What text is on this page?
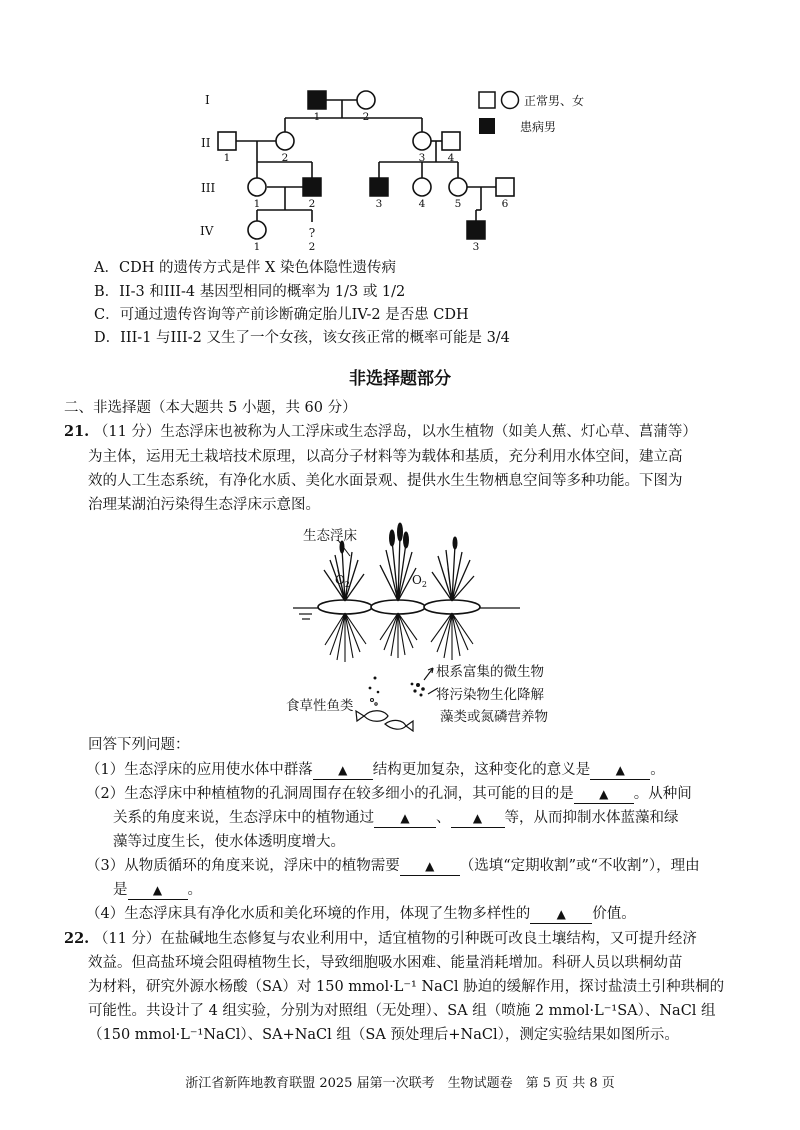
I
II
III
IV
1	2
1	2	3 4
1	2	3	4	5	6
1	2	3
?
正常男、女
患病男
A．CDH 的遗传方式是伴 X 染色体隐性遗传病
B．II-3 和III-4 基因型相同的概率为 1/3 或 1/2
C．可通过遗传咨询等产前诊断确定胎儿IV-2 是否患 CDH
D．III-1 与III-2 又生了一个女孩，该女孩正常的概率可能是 3/4
非选择题部分
二、非选择题（本大题共 5 小题，共 60 分）
21. （11 分）生态浮床也被称为人工浮床或生态浮岛，以水生植物（如美人蕉、灯心草、菖蒲等）
为主体，运用无土栽培技术原理，以高分子材料等为载体和基质，充分利用水体空间，建立高
效的人工生态系统，有净化水质、美化水面景观、提供水生生物栖息空间等多种功能。下图为
治理某湖泊污染得生态浮床示意图。
$O_2$	$O_2$
生态浮床
根系富集的微生物
将污染物生化降解
藻类或氮磷营养物
食草性鱼类
回答下列问题：
（1）生态浮床的应用使水体中群落 ▲ 结构更加复杂，这种变化的意义是 ▲ 。
（2）生态浮床中种植植物的孔洞周围存在较多细小的孔洞，其可能的目的是 ▲ 。从种间
关系的角度来说，生态浮床中的植物通过 ▲ 、 ▲ 等，从而抑制水体蓝藻和绿
藻等过度生长，使水体透明度增大。
（3）从物质循环的角度来说，浮床中的植物需要 ▲ （选填“定期收割”或“不收割”），理由
是 ▲ 。
（4）生态浮床具有净化水质和美化环境的作用，体现了生物多样性的 ▲ 价值。
22. （11 分）在盐碱地生态修复与农业利用中，适宜植物的引种既可改良土壤结构，又可提升经济
效益。但高盐环境会阻碍植物生长，导致细胞吸水困难、能量消耗增加。科研人员以珙桐幼苗
为材料，研究外源水杨酸（SA）对 150 mmol·L⁻¹ NaCl 胁迫的缓解作用，探讨盐渍土引种珙桐的
可能性。共设计了 4 组实验，分别为对照组（无处理）、SA 组（喷施 2 mmol·L⁻¹SA）、NaCl 组
（150 mmol·L⁻¹NaCl）、SA+NaCl 组（SA 预处理后+NaCl），测定实验结果如图所示。
浙江省新阵地教育联盟 2025 届第一次联考　生物试题卷　第 5 页 共 8 页
